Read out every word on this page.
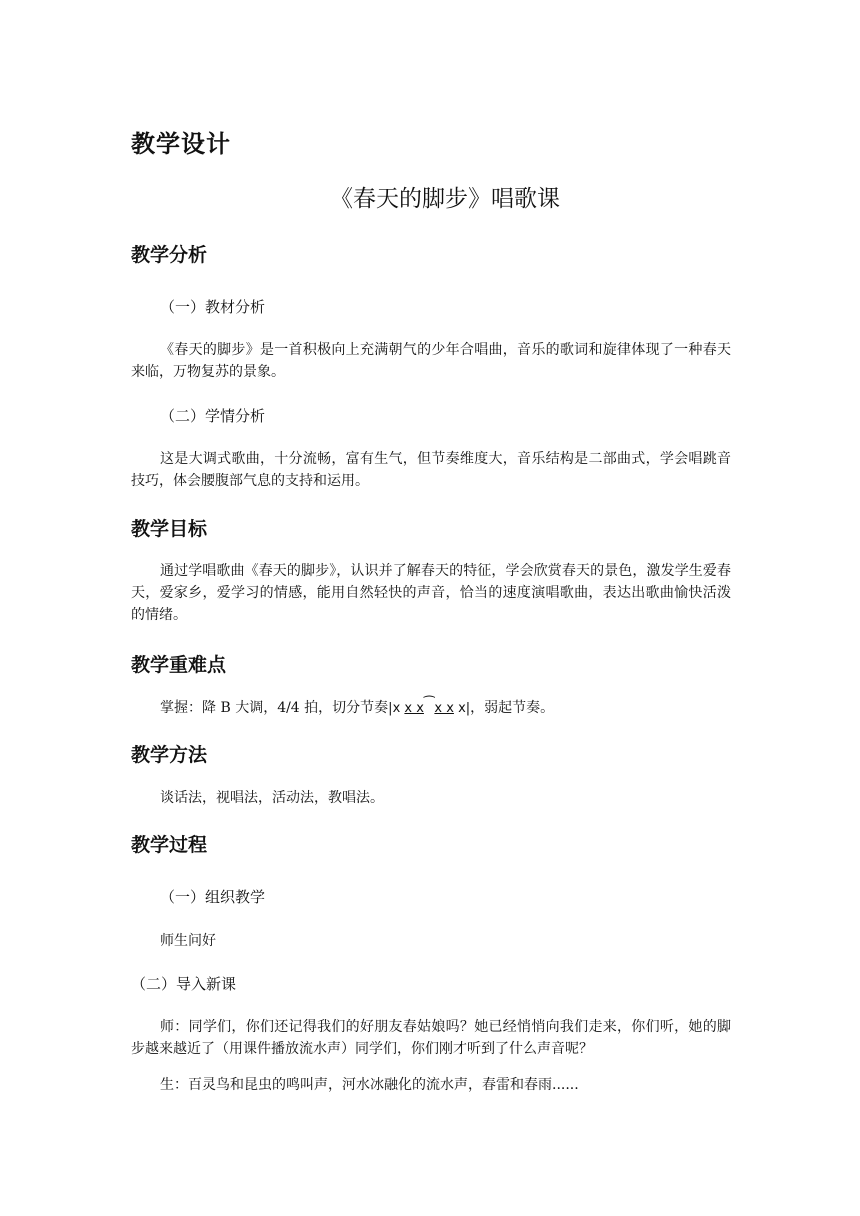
教学设计
《春天的脚步》唱歌课
教学分析
（一）教材分析
《春天的脚步》是一首积极向上充满朝气的少年合唱曲，音乐的歌词和旋律体现了一种春天来临，万物复苏的景象。
（二）学情分析
这是大调式歌曲，十分流畅，富有生气，但节奏维度大，音乐结构是二部曲式，学会唱跳音技巧，体会腰腹部气息的支持和运用。
教学目标
通过学唱歌曲《春天的脚步》，认识并了解春天的特征，学会欣赏春天的景色，激发学生爱春天，爱家乡，爱学习的情感，能用自然轻快的声音，恰当的速度演唱歌曲，表达出歌曲愉快活泼的情绪。
教学重难点
掌握：降 B 大调，4/4 拍，切分节奏|x x x⁀x x x|，弱起节奏。
教学方法
谈话法，视唱法，活动法，教唱法。
教学过程
（一）组织教学
师生问好
（二）导入新课
师：同学们，你们还记得我们的好朋友春姑娘吗？她已经悄悄向我们走来，你们听，她的脚步越来越近了（用课件播放流水声）同学们，你们刚才听到了什么声音呢？
生：百灵鸟和昆虫的鸣叫声，河水冰融化的流水声，春雷和春雨......
